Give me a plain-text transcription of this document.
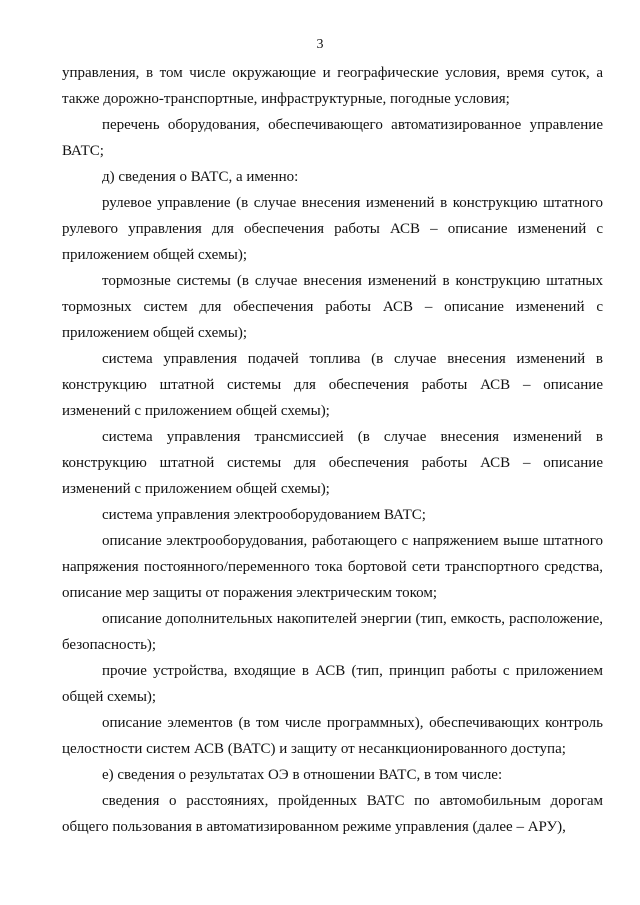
3

управления, в том числе окружающие и географические условия, время суток, а также дорожно-транспортные, инфраструктурные, погодные условия;

перечень оборудования, обеспечивающего автоматизированное управление ВАТС;

д) сведения о ВАТС, а именно:

рулевое управление (в случае внесения изменений в конструкцию штатного рулевого управления для обеспечения работы АСВ – описание изменений с приложением общей схемы);

тормозные системы (в случае внесения изменений в конструкцию штатных тормозных систем для обеспечения работы АСВ – описание изменений с приложением общей схемы);

система управления подачей топлива (в случае внесения изменений в конструкцию штатной системы для обеспечения работы АСВ – описание изменений с приложением общей схемы);

система управления трансмиссией (в случае внесения изменений в конструкцию штатной системы для обеспечения работы АСВ – описание изменений с приложением общей схемы);

система управления электрооборудованием ВАТС;

описание электрооборудования, работающего с напряжением выше штатного напряжения постоянного/переменного тока бортовой сети транспортного средства, описание мер защиты от поражения электрическим током;

описание дополнительных накопителей энергии (тип, емкость, расположение, безопасность);

прочие устройства, входящие в АСВ (тип, принцип работы с приложением общей схемы);

описание элементов (в том числе программных), обеспечивающих контроль целостности систем АСВ (ВАТС) и защиту от несанкционированного доступа;

е) сведения о результатах ОЭ в отношении ВАТС, в том числе:

сведения о расстояниях, пройденных ВАТС по автомобильным дорогам общего пользования в автоматизированном режиме управления (далее – АРУ),
